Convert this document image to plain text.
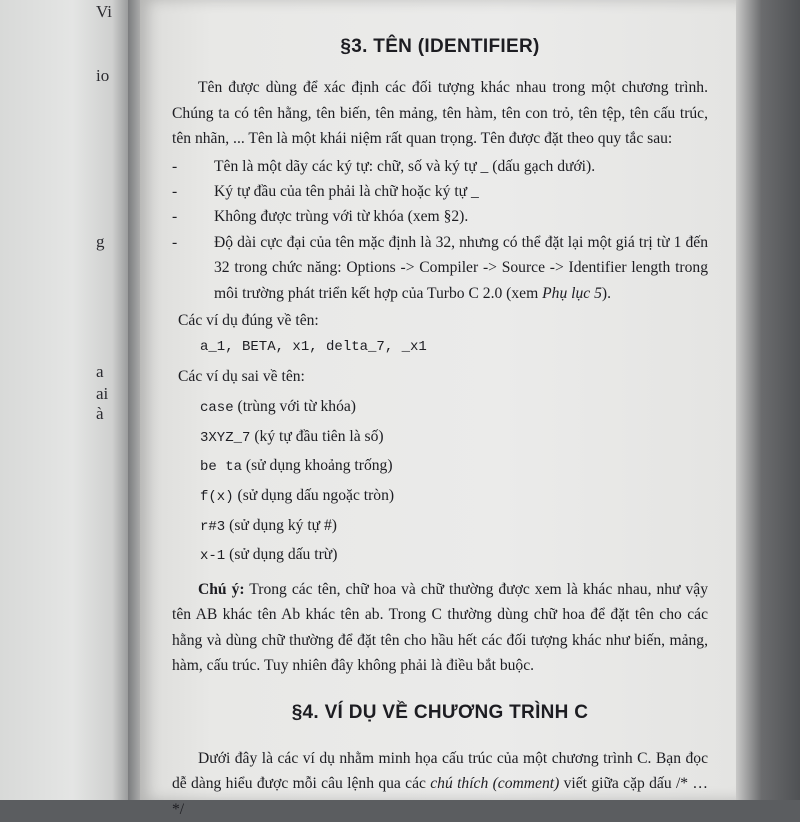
Vi
io
g
a
ai
à
§3. TÊN (IDENTIFIER)

Tên được dùng để xác định các đối tượng khác nhau trong một chương trình. Chúng ta có tên hằng, tên biến, tên mảng, tên hàm, tên con trỏ, tên tệp, tên cấu trúc, tên nhãn, ... Tên là một khái niệm rất quan trọng. Tên được đặt theo quy tắc sau:

- Tên là một dãy các ký tự: chữ, số và ký tự _ (dấu gạch dưới).
- Ký tự đầu của tên phải là chữ hoặc ký tự _
- Không được trùng với từ khóa (xem §2).
- Độ dài cực đại của tên mặc định là 32, nhưng có thể đặt lại một giá trị từ 1 đến 32 trong chức năng: Options -> Compiler -> Source -> Identifier length trong môi trường phát triển kết hợp của Turbo C 2.0 (xem Phụ lục 5).

Các ví dụ đúng về tên:

a_1, BETA, x1, delta_7, _x1

Các ví dụ sai về tên:

case (trùng với từ khóa)
3XYZ_7 (ký tự đầu tiên là số)
be ta (sử dụng khoảng trống)
f(x) (sử dụng dấu ngoặc tròn)
r#3 (sử dụng ký tự #)
x-1 (sử dụng dấu trừ)

Chú ý: Trong các tên, chữ hoa và chữ thường được xem là khác nhau, như vậy tên AB khác tên Ab khác tên ab. Trong C thường dùng chữ hoa để đặt tên cho các hằng và dùng chữ thường để đặt tên cho hầu hết các đối tượng khác như biến, mảng, hàm, cấu trúc. Tuy nhiên đây không phải là điều bắt buộc.

§4. VÍ DỤ VỀ CHƯƠNG TRÌNH C

Dưới đây là các ví dụ nhằm minh họa cấu trúc của một chương trình C. Bạn đọc dễ dàng hiểu được mỗi câu lệnh qua các chú thích (comment) viết giữa cặp dấu /* … */
